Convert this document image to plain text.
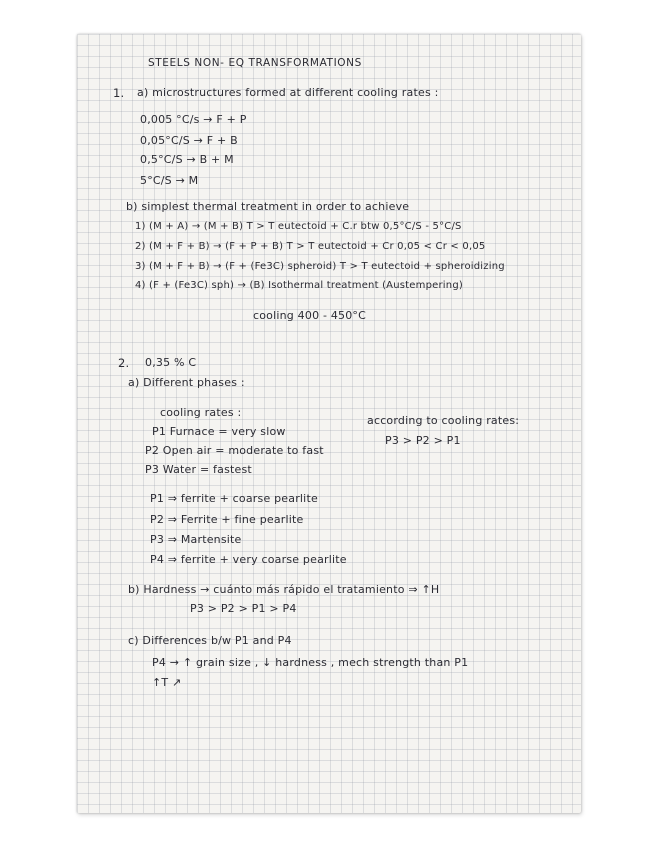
STEELS NON- EQ TRANSFORMATIONS
1. a) microstructures formed at different cooling rates :
0,005 °C/s → F + P
0,05°C/S → F + B
0,5°C/S → B + M
5°C/S → M
b) simplest thermal treatment in order to achieve
1) (M + A) → (M + B) T > T eutectoid + C.r btw 0,5°C/S - 5°C/S
2) (M + F + B) → (F + P + B) T > T eutectoid + Cr 0,05 < Cr < 0,05
3) (M + F + B) → (F + (Fe3C) spheroid) T > T eutectoid + spheroidizing
4) (F + (Fe3C) sph) → (B) Isothermal treatment (Austempering)
cooling 400 - 450°C
2. 0,35 % C
a) Different phases :
cooling rates :
P1 Furnace = very slow
P2 Open air = moderate to fast
P3 Water = fastest
according to cooling rates:
P3 > P2 > P1
P1 ⇒ ferrite + coarse pearlite
P2 ⇒ Ferrite + fine pearlite
P3 ⇒ Martensite
P4 ⇒ ferrite + very coarse pearlite
b) Hardness → cuánto más rápido el tratamiento ⇒ ↑H
P3 > P2 > P1 > P4
c) Differences b/w P1 and P4
P4 → ↑ grain size , ↓ hardness , mech strength than P1
↑T ↗
